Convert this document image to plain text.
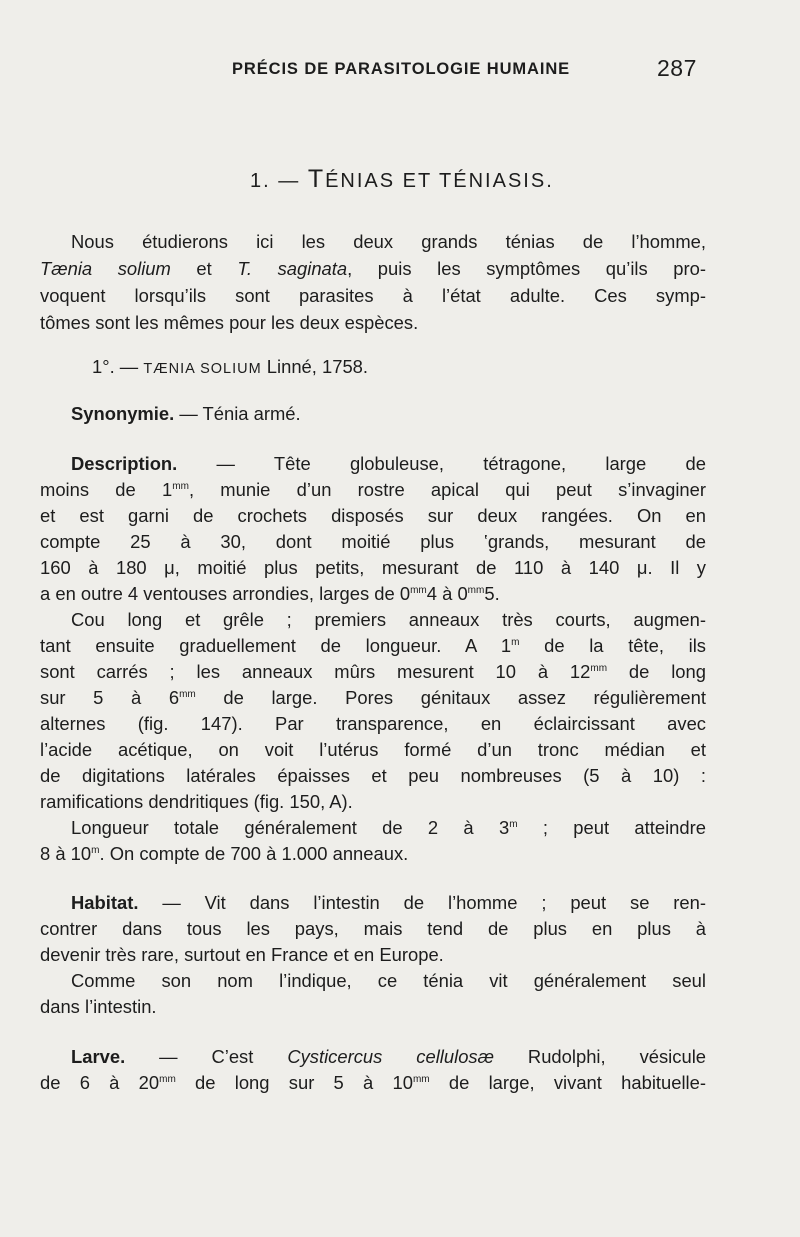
PRÉCIS DE PARASITOLOGIE HUMAINE	287
1. — TÉNIAS ET TÉNIASIS.
Nous étudierons ici les deux grands ténias de l’homme,
Tænia solium et T. saginata, puis les symptômes qu’ils pro-
voquent lorsqu’ils sont parasites à l’état adulte. Ces symp-
tômes sont les mêmes pour les deux espèces.
1°. — TÆNIA SOLIUM Linné, 1758.
Synonymie. — Ténia armé.
Description. — Tête globuleuse, tétragone, large de
moins de $1^{mm}$, munie d’un rostre apical qui peut s’invaginer
et est garni de crochets disposés sur deux rangées. On en
compte 25 à 30, dont moitié plus ‛grands, mesurant de
160 à 180 μ, moitié plus petits, mesurant de 110 à 140 μ. Il y
a en outre 4 ventouses arrondies, larges de $0^{mm}4$ à $0^{mm}5$.
Cou long et grêle ; premiers anneaux très courts, augmen-
tant ensuite graduellement de longueur. A 1$^m$ de la tête, ils
sont carrés ; les anneaux mûrs mesurent 10 à $12^{mm}$ de long
sur 5 à $6^{mm}$ de large. Pores génitaux assez régulièrement
alternes (fig. 147). Par transparence, en éclaircissant avec
l’acide acétique, on voit l’utérus formé d’un tronc médian et
de digitations latérales épaisses et peu nombreuses (5 à 10) :
ramifications dendritiques (fig. 150, A).
Longueur totale généralement de 2 à 3$^m$ ; peut atteindre
8 à 10$^m$. On compte de 700 à 1.000 anneaux.
Habitat. — Vit dans l’intestin de l’homme ; peut se ren-
contrer dans tous les pays, mais tend de plus en plus à
devenir très rare, surtout en France et en Europe.
Comme son nom l’indique, ce ténia vit généralement seul
dans l’intestin.
Larve. — C’est Cysticercus cellulosæ Rudolphi, vésicule
de 6 à $20^{mm}$ de long sur 5 à $10^{mm}$ de large, vivant habituelle-
